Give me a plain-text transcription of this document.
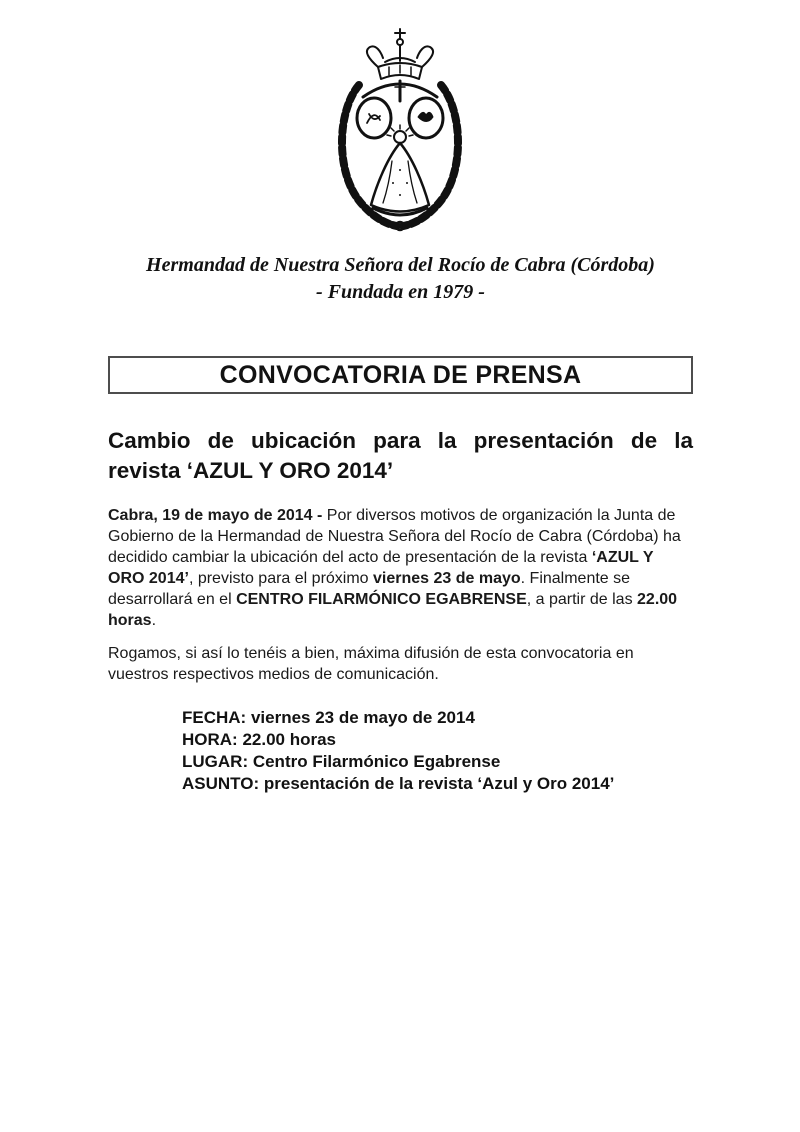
Hermandad de Nuestra Señora del Rocío de Cabra (Córdoba)
- Fundada en 1979 -
CONVOCATORIA DE PRENSA
Cambio de ubicación para la presentación de la revista ‘AZUL Y ORO 2014’

Cabra, 19 de mayo de 2014 - Por diversos motivos de organización la Junta de Gobierno de la Hermandad de Nuestra Señora del Rocío de Cabra (Córdoba) ha decidido cambiar la ubicación del acto de presentación de la revista ‘AZUL Y ORO 2014’, previsto para el próximo viernes 23 de mayo. Finalmente se desarrollará en el CENTRO FILARMÓNICO EGABRENSE, a partir de las 22.00 horas.

Rogamos, si así lo tenéis a bien, máxima difusión de esta convocatoria en vuestros respectivos medios de comunicación.

FECHA: viernes 23 de mayo de 2014
HORA: 22.00 horas
LUGAR: Centro Filarmónico Egabrense
ASUNTO: presentación de la revista ‘Azul y Oro 2014’
